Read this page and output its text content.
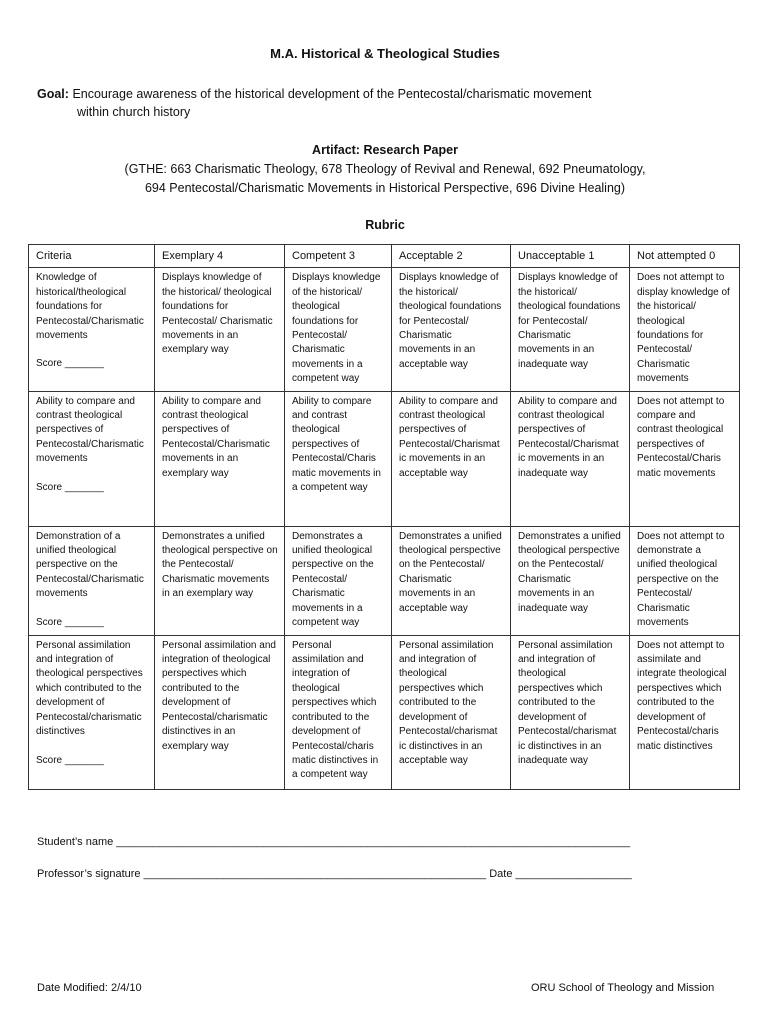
M.A. Historical & Theological Studies
Goal: Encourage awareness of the historical development of the Pentecostal/charismatic movement
within church history
Artifact: Research Paper
(GTHE: 663 Charismatic Theology, 678 Theology of Revival and Renewal, 692 Pneumatology,
694 Pentecostal/Charismatic Movements in Historical Perspective, 696 Divine Healing)
Rubric
Criteria	Exemplary 4	Competent 3	Acceptable 2	Unacceptable 1	Not attempted 0
Knowledge of historical/theological foundations for Pentecostal/Charismatic movements
Score _______	Displays knowledge of the historical/ theological foundations for Pentecostal/ Charismatic movements in an exemplary way	Displays knowledge of the historical/ theological foundations for Pentecostal/ Charismatic movements in a competent way	Displays knowledge of the historical/ theological foundations for Pentecostal/ Charismatic movements in an acceptable way	Displays knowledge of the historical/ theological foundations for Pentecostal/ Charismatic movements in an inadequate way	Does not attempt to display knowledge of the historical/ theological foundations for Pentecostal/ Charismatic movements
Ability to compare and contrast theological perspectives of Pentecostal/Charismatic movements
Score _______	Ability to compare and contrast theological perspectives of Pentecostal/Charismatic movements in an exemplary way	Ability to compare and contrast theological perspectives of Pentecostal/Charis matic movements in a competent way	Ability to compare and contrast theological perspectives of Pentecostal/Charismat ic movements in an acceptable way	Ability to compare and contrast theological perspectives of Pentecostal/Charismat ic movements in an inadequate way	Does not attempt to compare and contrast theological perspectives of Pentecostal/Charis matic movements
Demonstration of a unified theological perspective on the Pentecostal/Charismatic movements
Score _______	Demonstrates a unified theological perspective on the Pentecostal/ Charismatic movements in an exemplary way	Demonstrates a unified theological perspective on the Pentecostal/ Charismatic movements in a competent way	Demonstrates a unified theological perspective on the Pentecostal/ Charismatic movements in an acceptable way	Demonstrates a unified theological perspective on the Pentecostal/ Charismatic movements in an inadequate way	Does not attempt to demonstrate a unified theological perspective on the Pentecostal/ Charismatic movements
Personal assimilation and integration of theological perspectives which contributed to the development of Pentecostal/charismatic distinctives
Score _______	Personal assimilation and integration of theological perspectives which contributed to the development of Pentecostal/charismatic distinctives in an exemplary way	Personal assimilation and integration of theological perspectives which contributed to the development of Pentecostal/charis matic distinctives in a competent way	Personal assimilation and integration of theological perspectives which contributed to the development of Pentecostal/charismat ic distinctives in an acceptable way	Personal assimilation and integration of theological perspectives which contributed to the development of Pentecostal/charismat ic distinctives in an inadequate way	Does not attempt to assimilate and integrate theological perspectives which contributed to the development of Pentecostal/charis matic distinctives
Student’s name ____________________________________________________________________________________
Professor’s signature ________________________________________________________ Date ___________________
Date Modified: 2/4/10	ORU School of Theology and Mission
